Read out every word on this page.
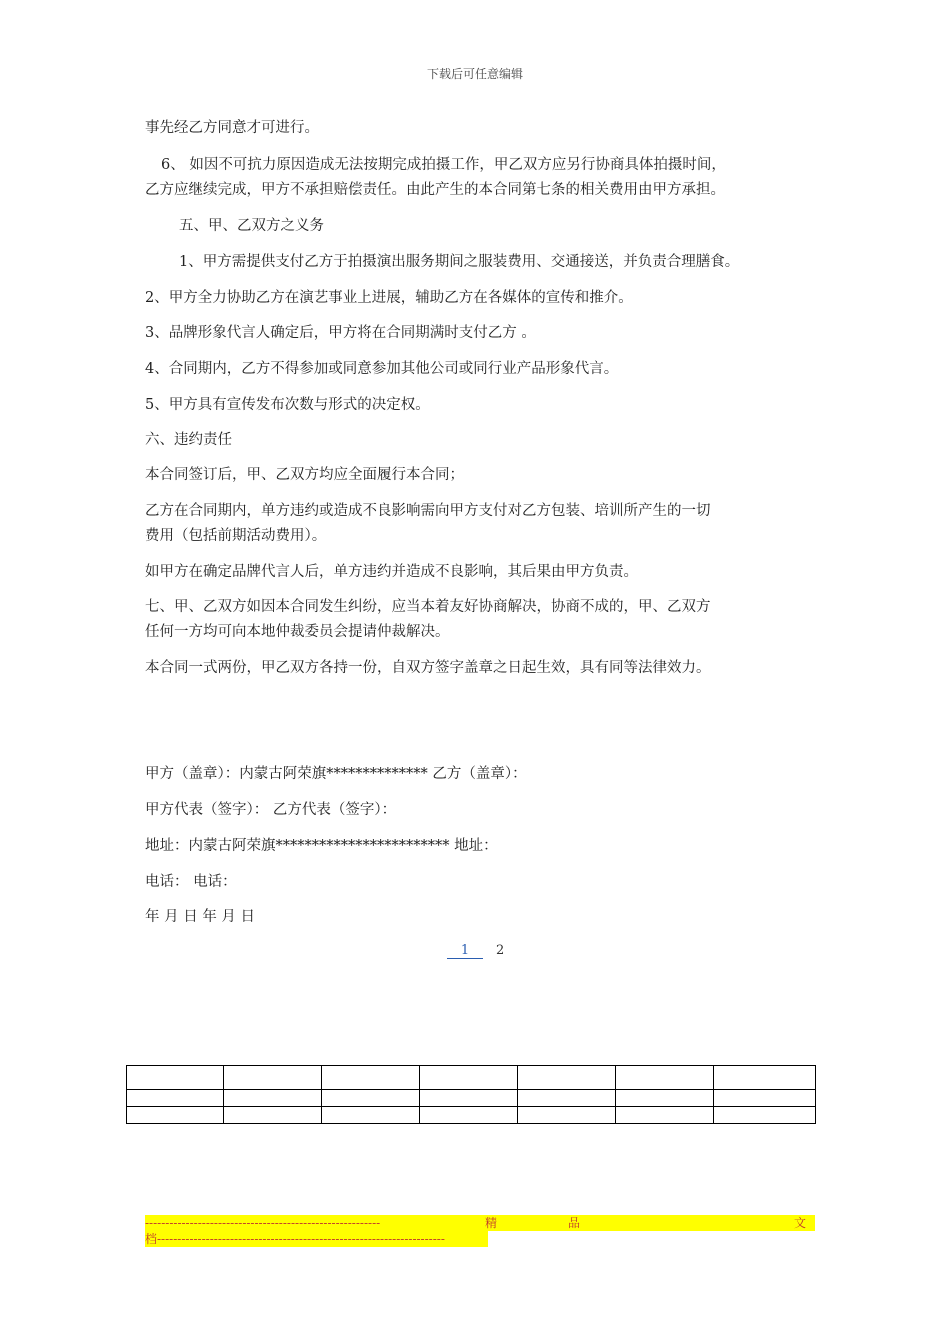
下载后可任意编辑
事先经乙方同意才可进行。
6、 如因不可抗力原因造成无法按期完成拍摄工作，甲乙双方应另行协商具体拍摄时间，
乙方应继续完成，甲方不承担赔偿责任。由此产生的本合同第七条的相关费用由甲方承担。
五、甲、乙双方之义务
1、甲方需提供支付乙方于拍摄演出服务期间之服装费用、交通接送，并负责合理膳食。
2、甲方全力协助乙方在演艺事业上进展，辅助乙方在各媒体的宣传和推介。
3、品牌形象代言人确定后，甲方将在合同期满时支付乙方 。
4、合同期内，乙方不得参加或同意参加其他公司或同行业产品形象代言。
5、甲方具有宣传发布次数与形式的决定权。
六、违约责任
本合同签订后，甲、乙双方均应全面履行本合同；
乙方在合同期内，单方违约或造成不良影响需向甲方支付对乙方包装、培训所产生的一切
费用（包括前期活动费用）。
如甲方在确定品牌代言人后，单方违约并造成不良影响，其后果由甲方负责。
七、甲、乙双方如因本合同发生纠纷，应当本着友好协商解决，协商不成的，甲、乙双方
任何一方均可向本地仲裁委员会提请仲裁解决。
本合同一式两份，甲乙双方各持一份，自双方签字盖章之日起生效，具有同等法律效力。
甲方（盖章）：内蒙古阿荣旗************** 乙方（盖章）：
甲方代表（签字）： 乙方代表（签字）：
地址：内蒙古阿荣旗************************ 地址：
电话： 电话：
年 月 日 年 月 日
1	2

----------------------------------------------------------	精	品	文
档-----------------------------------------------------------------------
